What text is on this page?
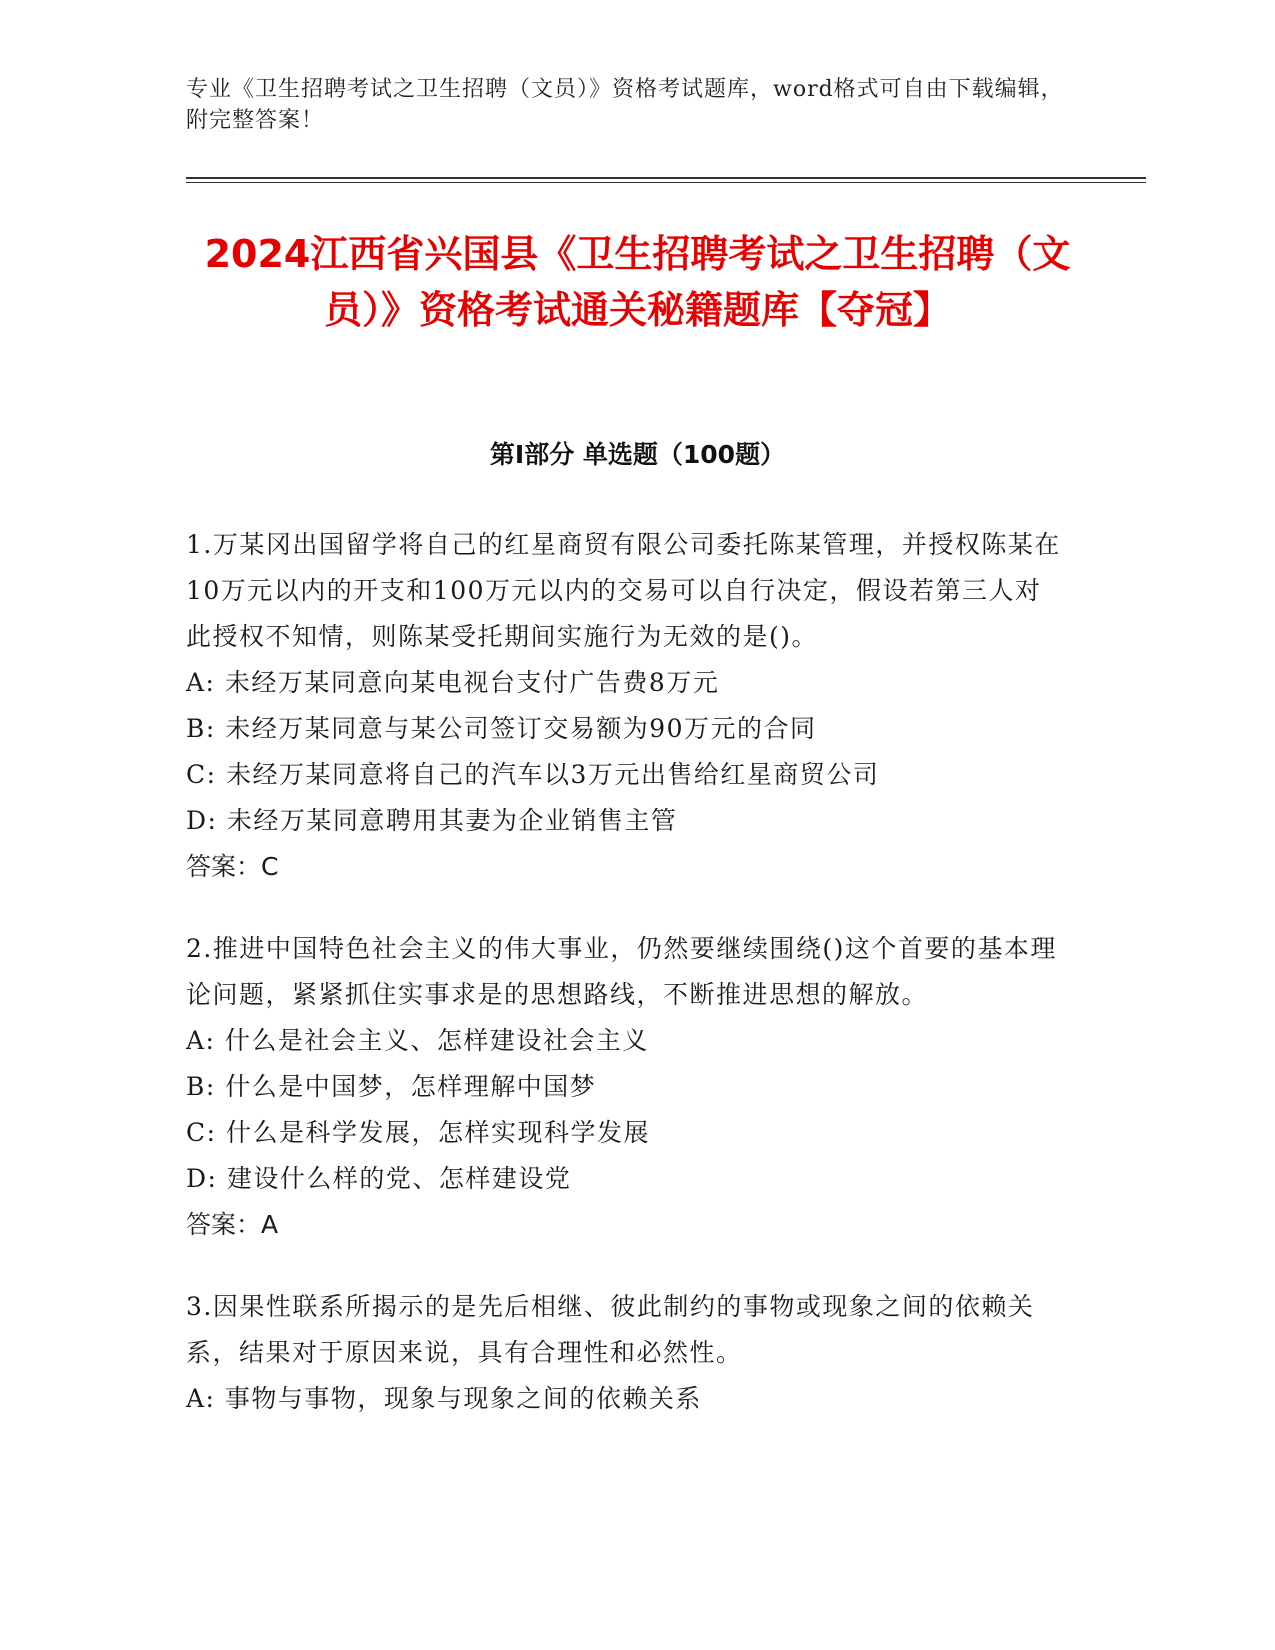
专业《卫生招聘考试之卫生招聘（文员）》资格考试题库，word格式可自由下载编辑，附完整答案！
2024江西省兴国县《卫生招聘考试之卫生招聘（文员）》资格考试通关秘籍题库【夺冠】
第I部分 单选题（100题）

1.万某冈出国留学将自己的红星商贸有限公司委托陈某管理，并授权陈某在10万元以内的开支和100万元以内的交易可以自行决定，假设若第三人对此授权不知情，则陈某受托期间实施行为无效的是()。

A: 未经万某同意向某电视台支付广告费8万元

B: 未经万某同意与某公司签订交易额为90万元的合同

C: 未经万某同意将自己的汽车以3万元出售给红星商贸公司

D: 未经万某同意聘用其妻为企业销售主管

答案：C

2.推进中国特色社会主义的伟大事业，仍然要继续围绕()这个首要的基本理论问题，紧紧抓住实事求是的思想路线，不断推进思想的解放。

A: 什么是社会主义、怎样建设社会主义

B: 什么是中国梦，怎样理解中国梦

C: 什么是科学发展，怎样实现科学发展

D: 建设什么样的党、怎样建设党

答案：A

3.因果性联系所揭示的是先后相继、彼此制约的事物或现象之间的依赖关系，结果对于原因来说，具有合理性和必然性。

A: 事物与事物，现象与现象之间的依赖关系
